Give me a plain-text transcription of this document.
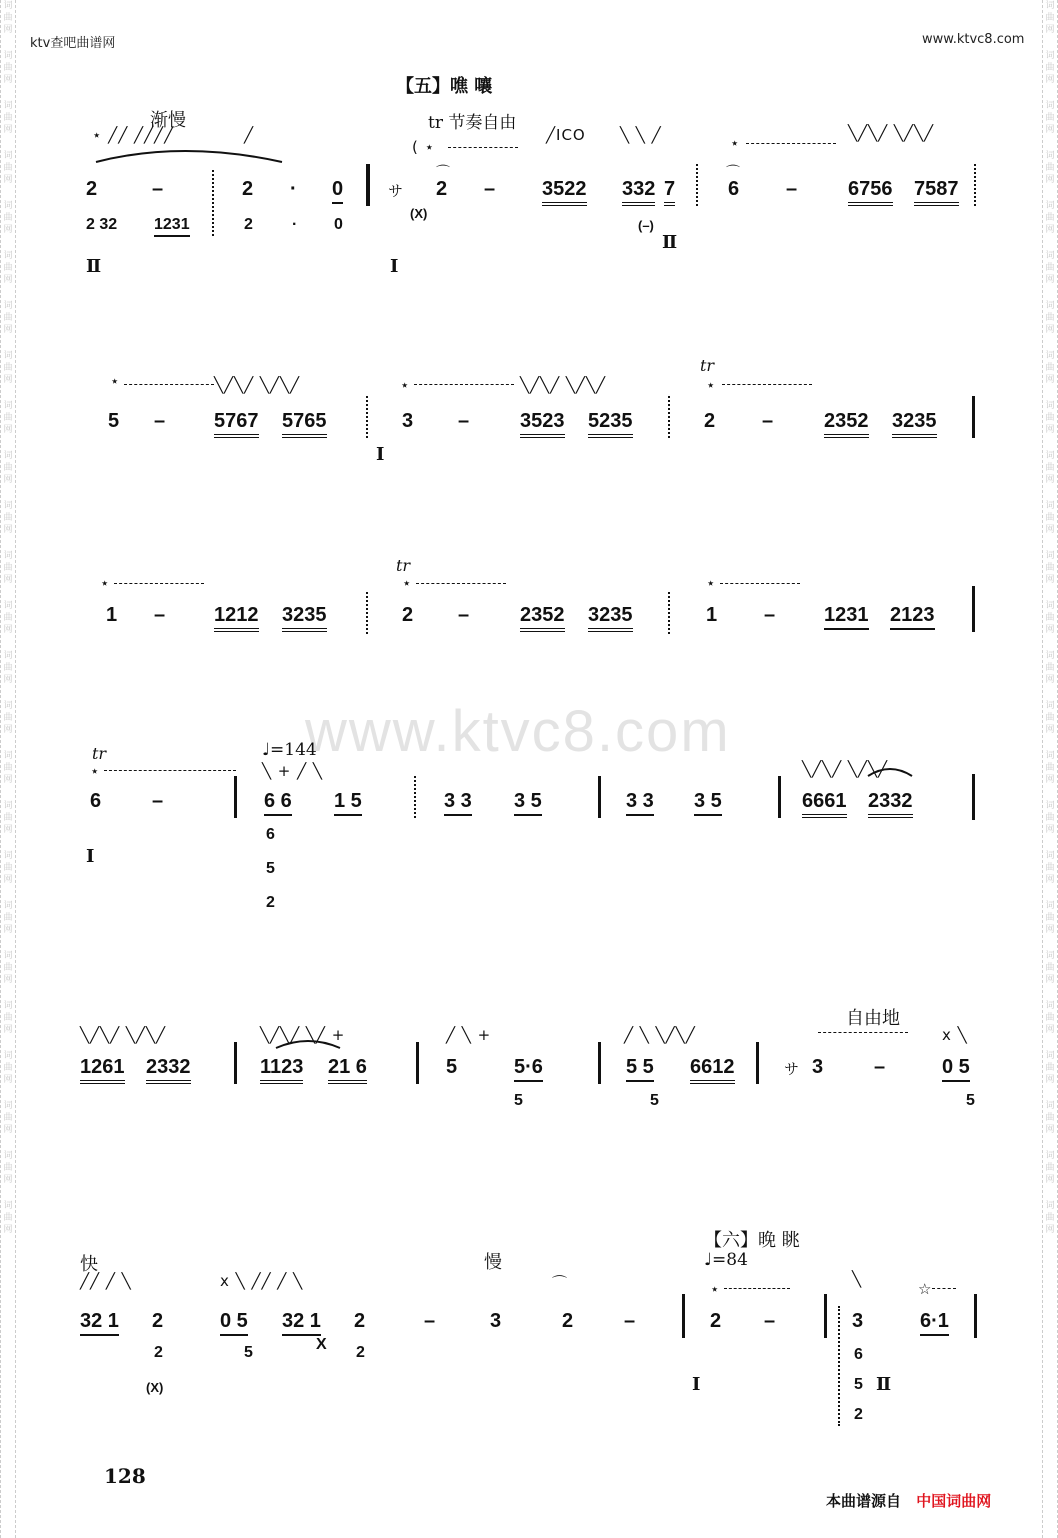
词曲网
词曲网
词曲网
词曲网
词曲网
词曲网
词曲网
词曲网
词曲网
词曲网
词曲网
词曲网
词曲网
词曲网
词曲网
词曲网
词曲网
词曲网
词曲网
词曲网
词曲网
词曲网
词曲网
词曲网
词曲网
词曲网
词曲网
词曲网
词曲网
词曲网
词曲网
词曲网
词曲网
词曲网
词曲网
词曲网
词曲网
词曲网
词曲网
词曲网
词曲网
词曲网
词曲网
词曲网
词曲网
词曲网
词曲网
词曲网
词曲网
词曲网
ktv查吧曲谱网	www.ktvc8.com
【五】噍 嚷
渐慢	tr 节奏自由
⋆ ╱╱ ╱╱╱╱	╱
( ⋆
╱ICO ╲ ╲ ╱	⋆
╲╱╲╱ ╲╱╲╱
2	–	2 · 0	サ
⌒
2 – 3522 332 7
⌒
6 –	6756 7587
2 32 1231	2 · 0
(X)
(–)
Ⅱ	Ⅰ
Ⅱ
⋆	╲╱╲╱ ╲╱╲╱	⋆	╲╱╲╱ ╲╱╲╱
tr
⋆
5 – 5767 5765	3 –	3523 5235	2 –	2352 3235
Ⅰ
⋆
tr
⋆	⋆
1 – 1212 3235	2 –	2352 3235	1 – 1231 2123
www.ktvc8.com
tr
⋆
♩=144
╲ + ╱ ╲	╲╱╲╱ ╲╱╲╱
6	–	6 6 1 5	3 3 3 5	3 3 3 5	6661 2332
6
5
2
Ⅰ
自由地
╲╱╲╱ ╲╱╲╱	╲╱╲╱ ╲╱ +	╱ ╲ +	╱ ╲ ╲╱╲╱	x ╲
1261 2332	1123 21 6	5	5·6	5 5 6612	サ 3	–	0 5
5	5	5
【六】晚 眺
♩=84
快	慢
╱╱ ╱ ╲	x ╲ ╱╱ ╱ ╲	⌒	⋆
╲
☆
32 1 2	0 5 32 1 2	–	3	2	–	2 –	3	6·1
2
(X)
5	X 2	6
5
2
Ⅰ	Ⅱ
128
本曲谱源自 中国词曲网
